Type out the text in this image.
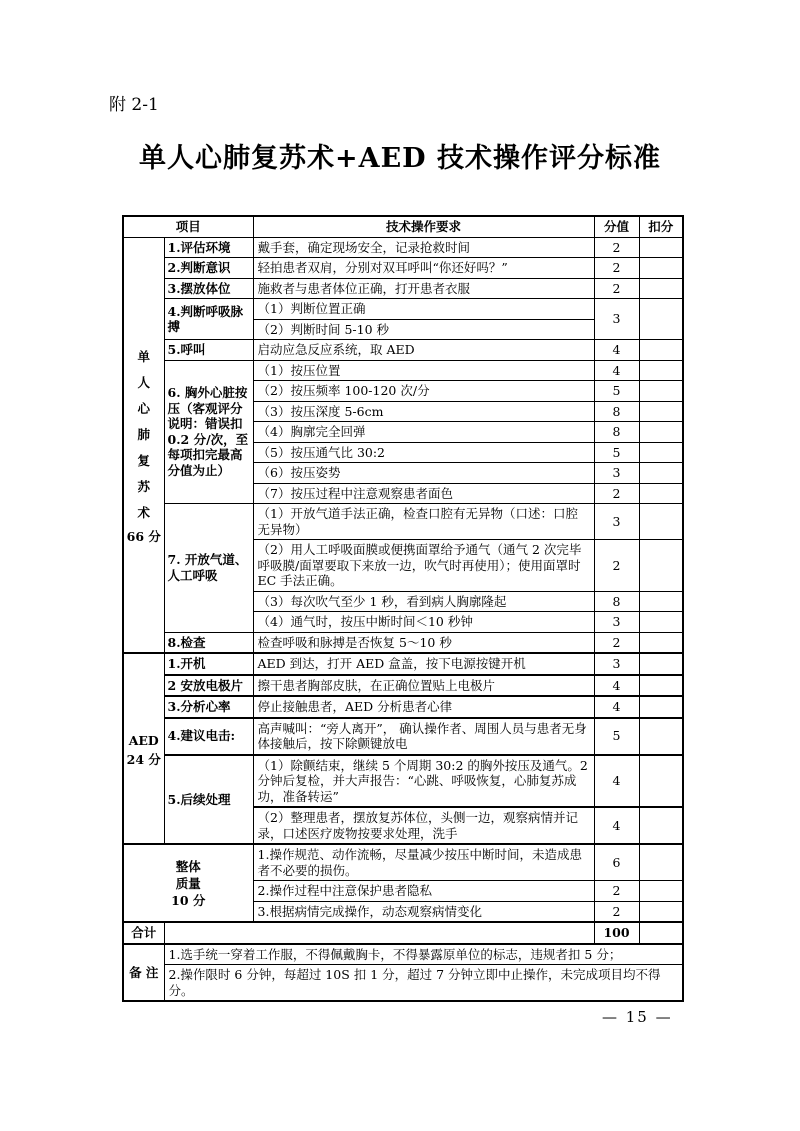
附 2-1
单人心肺复苏术+AED 技术操作评分标准
项目		技术操作要求	分值	扣分

单
人
心
肺
复
苏
术
66 分
	1.评估环境	戴手套，确定现场安全，记录抢救时间	2	
	2.判断意识	轻拍患者双肩，分别对双耳呼叫“你还好吗？”	2	
	3.摆放体位	施救者与患者体位正确，打开患者衣服	2	
	4.判断呼吸脉搏	（1）判断位置正确	3	
		（2）判断时间 5-10 秒		
	5.呼叫	启动应急反应系统，取 AED	4	
	6. 胸外心脏按压（客观评分说明：错误扣 0.2 分/次，至每项扣完最高分值为止）	（1）按压位置	4	
		（2）按压频率 100-120 次/分	5	
		（3）按压深度 5-6cm	8	
		（4）胸廓完全回弹	8	
		（5）按压通气比 30:2	5	
		（6）按压姿势	3	
		（7）按压过程中注意观察患者面色	2	
	7. 开放气道、 人工呼吸	（1）开放气道手法正确，检查口腔有无异物（口述：口腔无异物）	3	
		（2）用人工呼吸面膜或便携面罩给予通气（通气 2 次完毕呼吸膜/面罩要取下来放一边，吹气时再使用）；使用面罩时 EC 手法正确。	2	
		（3）每次吹气至少 1 秒，看到病人胸廓隆起	8	
		（4）通气时，按压中断时间＜10 秒钟	3	
	8.检查	检查呼吸和脉搏是否恢复 5～10 秒	2	

AED
24 分	1.开机	AED 到达，打开 AED 盒盖，按下电源按键开机	3	
	2 安放电极片	擦干患者胸部皮肤，在正确位置贴上电极片	4	
	3.分析心率	停止接触患者，AED 分析患者心律	4	
	4.建议电击:	高声喊叫：“旁人离开”， 确认操作者、周围人员与患者无身体接触后，按下除颤键放电	5	
	5.后续处理	（1）除颤结束，继续 5 个周期 30:2 的胸外按压及通气。2 分钟后复检，并大声报告：“心跳、呼吸恢复，心肺复苏成功，准备转运”	4	
		（2）整理患者，摆放复苏体位，头侧一边，观察病情并记录，口述医疗废物按要求处理，洗手	4	

整体
质量
10 分		1.操作规范、动作流畅，尽量减少按压中断时间，未造成患者不必要的损伤。	6	
		2.操作过程中注意保护患者隐私	2	
		3.根据病情完成操作，动态观察病情变化	2	
合计			100	
备 注	1.选手统一穿着工作服，不得佩戴胸卡，不得暴露原单位的标志，违规者扣 5 分；			
	2.操作限时 6 分钟，每超过 10S 扣 1 分，超过 7 分钟立即中止操作，未完成项目均不得分。			
— 15 —
